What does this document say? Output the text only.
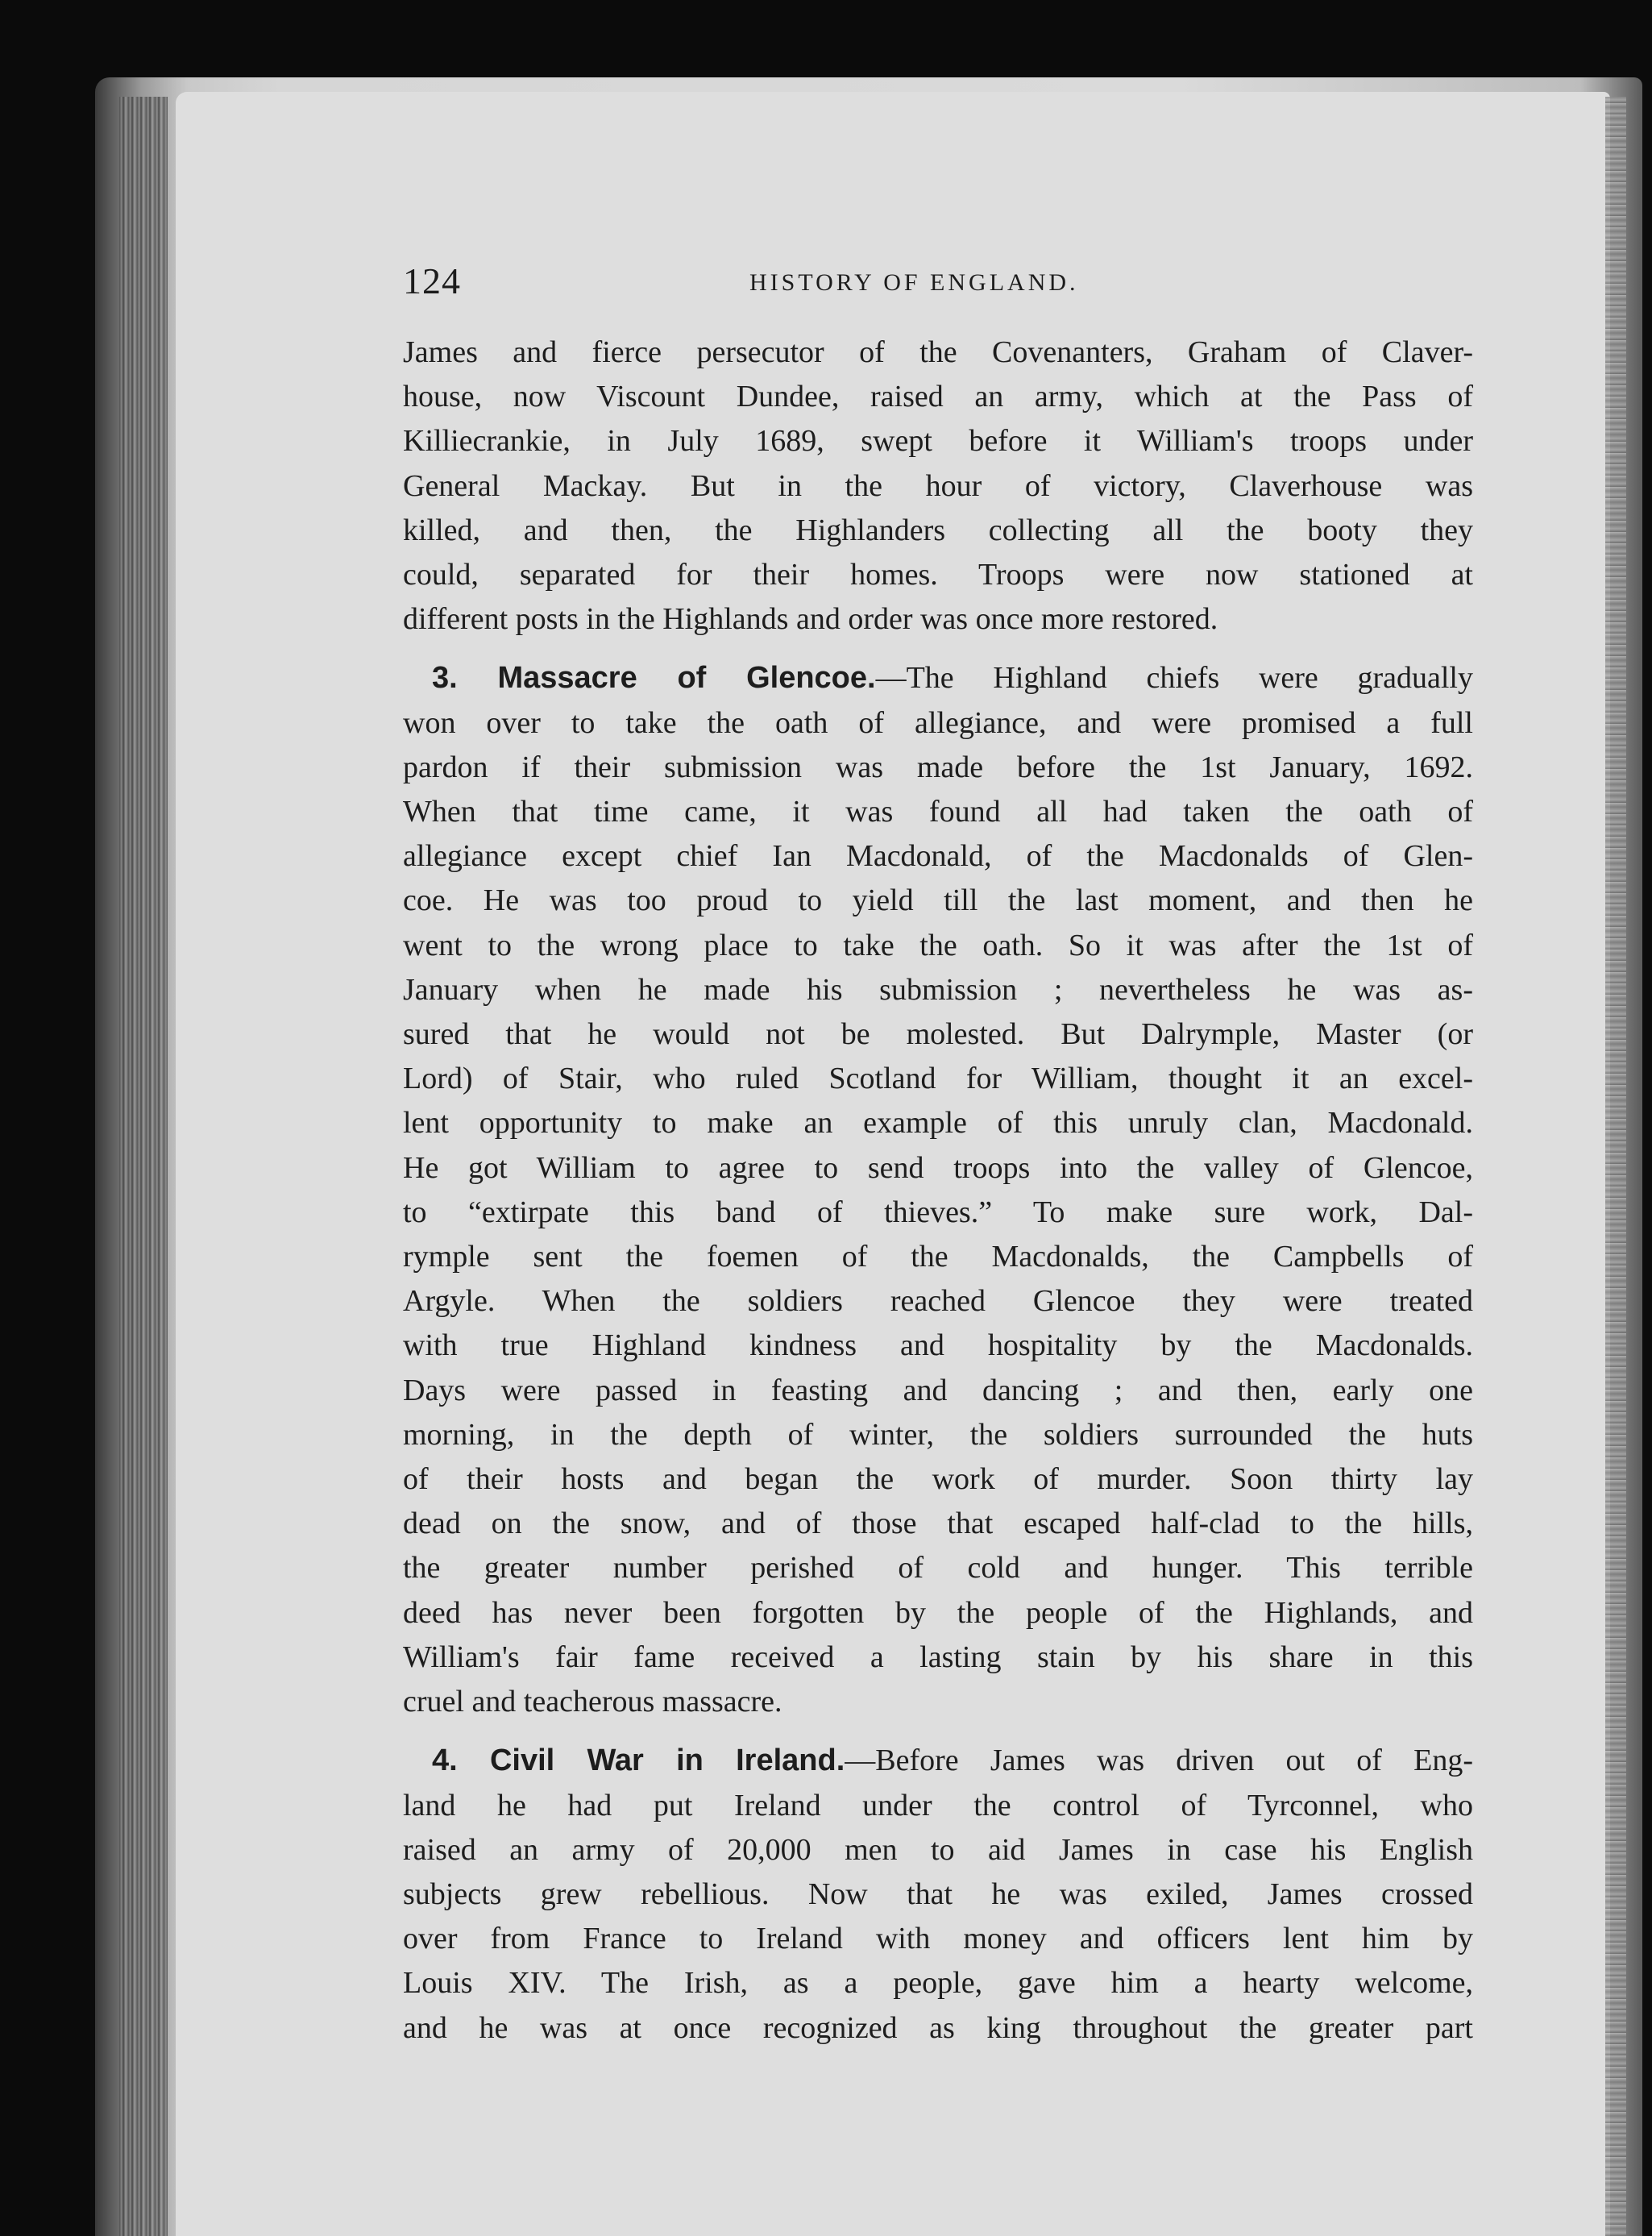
124	HISTORY OF ENGLAND.

James and fierce persecutor of the Covenanters, Graham of Claver-

house, now Viscount Dundee, raised an army, which at the Pass of

Killiecrankie, in July 1689, swept before it William's troops under

General Mackay. But in the hour of victory, Claverhouse was

killed, and then, the Highlanders collecting all the booty they

could, separated for their homes. Troops were now stationed at

different posts in the Highlands and order was once more restored.

3. Massacre of Glencoe.—The Highland chiefs were gradually

won over to take the oath of allegiance, and were promised a full

pardon if their submission was made before the 1st January, 1692.

When that time came, it was found all had taken the oath of

allegiance except chief Ian Macdonald, of the Macdonalds of Glen-

coe. He was too proud to yield till the last moment, and then he

went to the wrong place to take the oath. So it was after the 1st of

January when he made his submission ; nevertheless he was as-

sured that he would not be molested. But Dalrymple, Master (or

Lord) of Stair, who ruled Scotland for William, thought it an excel-

lent opportunity to make an example of this unruly clan, Macdonald.

He got William to agree to send troops into the valley of Glencoe,

to “extirpate this band of thieves.” To make sure work, Dal-

rymple sent the foemen of the Macdonalds, the Campbells of

Argyle. When the soldiers reached Glencoe they were treated

with true Highland kindness and hospitality by the Macdonalds.

Days were passed in feasting and dancing ; and then, early one

morning, in the depth of winter, the soldiers surrounded the huts

of their hosts and began the work of murder. Soon thirty lay

dead on the snow, and of those that escaped half-clad to the hills,

the greater number perished of cold and hunger. This terrible

deed has never been forgotten by the people of the Highlands, and

William's fair fame received a lasting stain by his share in this

cruel and teacherous massacre.

4. Civil War in Ireland.—Before James was driven out of Eng-

land he had put Ireland under the control of Tyrconnel, who

raised an army of 20,000 men to aid James in case his English

subjects grew rebellious. Now that he was exiled, James crossed

over from France to Ireland with money and officers lent him by

Louis XIV. The Irish, as a people, gave him a hearty welcome,

and he was at once recognized as king throughout the greater part
